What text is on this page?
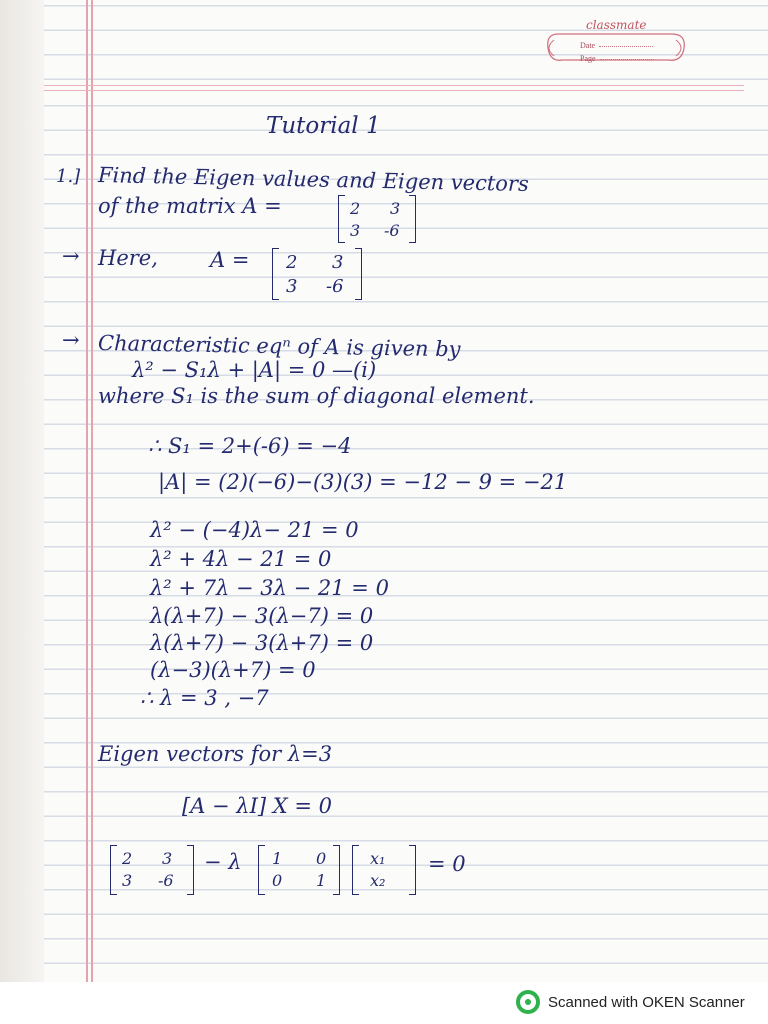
classmate
Date
Page
Tutorial 1
1.] Find the Eigen values and Eigen vectors
of the matrix A =	2 3
3 -6
→ Here, A = 2 3
3 -6
→ Characteristic eqⁿ of A is given by
λ² − S₁λ + |A| = 0 —(i)
where S₁ is the sum of diagonal element.
∴ S₁ = 2+(-6) = −4
|A| = (2)(−6)−(3)(3) = −12 − 9 = −21
λ² − (−4)λ− 21 = 0
λ² + 4λ − 21 = 0
λ² + 7λ − 3λ − 21 = 0
λ(λ+7) − 3(λ−7) = 0
λ(λ+7) − 3(λ+7) = 0
(λ−3)(λ+7) = 0
∴ λ = 3 , −7
Eigen vectors for λ=3
[A − λI] X = 0
2 3
3 -6
− λ 1 0
0 1
x₁
x₂
= 0
Scanned with OKEN Scanner
